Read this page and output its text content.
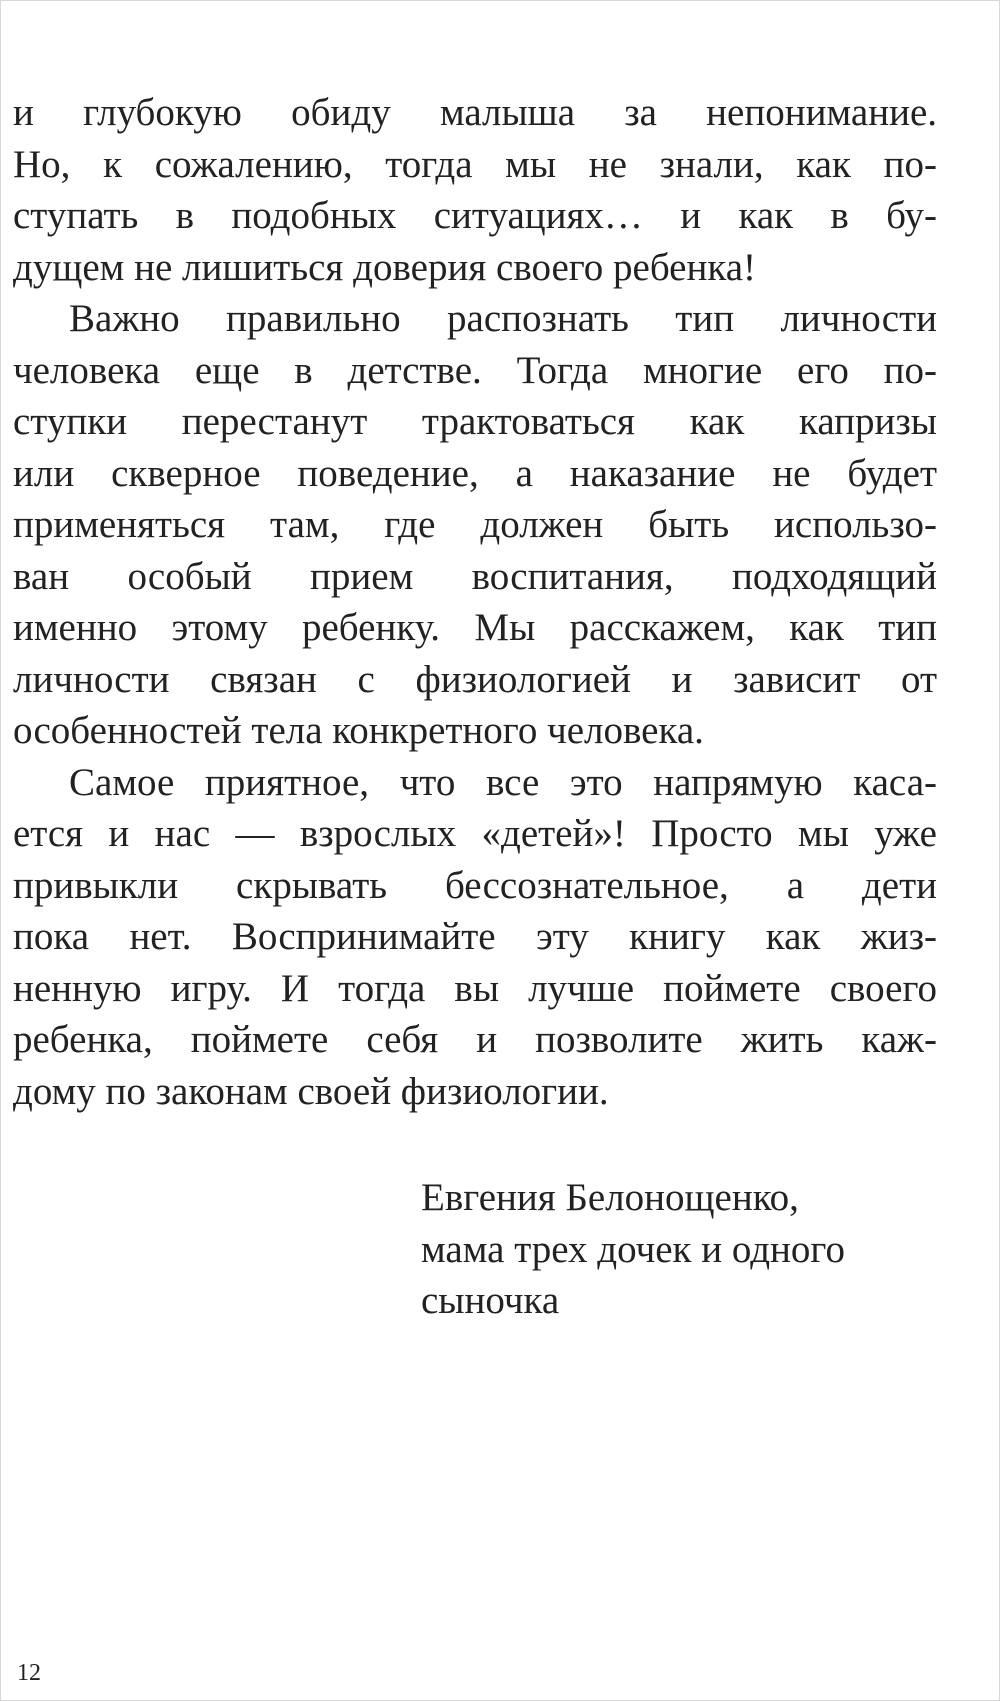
и глубокую обиду малыша за непонимание.
Но, к сожалению, тогда мы не знали, как по-
ступать в подобных ситуациях… и как в бу-
дущем не лишиться доверия своего ребенка!
Важно правильно распознать тип личности
человека еще в детстве. Тогда многие его по-
ступки перестанут трактоваться как капризы
или скверное поведение, а наказание не будет
применяться там, где должен быть использо-
ван особый прием воспитания, подходящий
именно этому ребенку. Мы расскажем, как тип
личности связан с физиологией и зависит от
особенностей тела конкретного человека.
Самое приятное, что все это напрямую каса-
ется и нас — взрослых «детей»! Просто мы уже
привыкли скрывать бессознательное, а дети
пока нет. Воспринимайте эту книгу как жиз-
ненную игру. И тогда вы лучше поймете своего
ребенка, поймете себя и позволите жить каж-
дому по законам своей физиологии.
Евгения Белонощенко,
мама трех дочек и одного
сыночка
12
